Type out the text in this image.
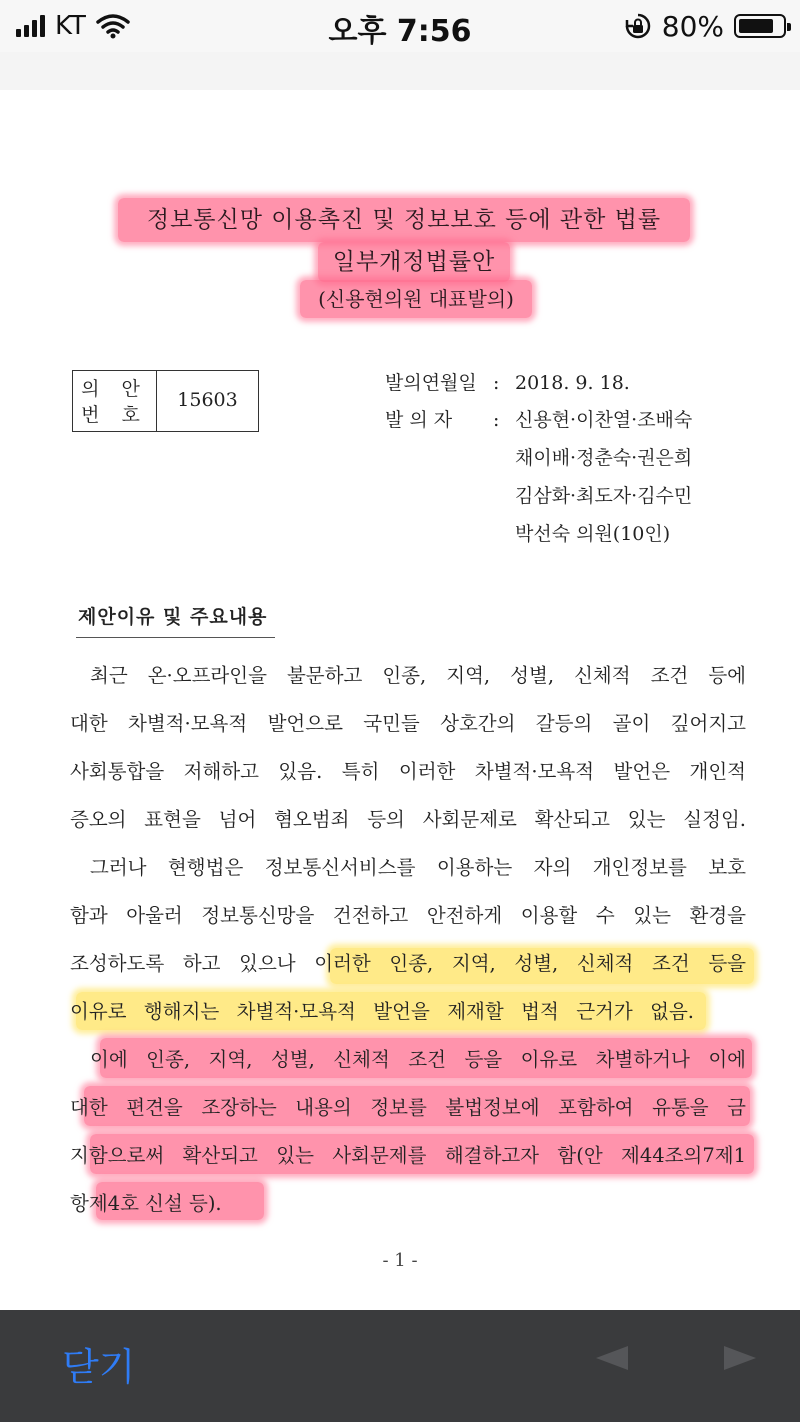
KT	오후 7:56	80%
정보통신망 이용촉진 및 정보보호 등에 관한 법률
일부개정법률안
(신용현의원 대표발의)
의 안
번 호
15603
발의연월일 : 2018. 9. 18.
발 의 자 : 신용현·이찬열·조배숙
채이배·정춘숙·권은희
김삼화·최도자·김수민
박선숙 의원(10인)
제안이유 및 주요내용
최근 온·오프라인을 불문하고 인종, 지역, 성별, 신체적 조건 등에
대한 차별적·모욕적 발언으로 국민들 상호간의 갈등의 골이 깊어지고
사회통합을 저해하고 있음. 특히 이러한 차별적·모욕적 발언은 개인적
증오의 표현을 넘어 혐오범죄 등의 사회문제로 확산되고 있는 실정임.
그러나 현행법은 정보통신서비스를 이용하는 자의 개인정보를 보호
함과 아울러 정보통신망을 건전하고 안전하게 이용할 수 있는 환경을
조성하도록 하고 있으나 이러한 인종, 지역, 성별, 신체적 조건 등을
이유로 행해지는 차별적·모욕적 발언을 제재할 법적 근거가 없음.
이에 인종, 지역, 성별, 신체적 조건 등을 이유로 차별하거나 이에
대한 편견을 조장하는 내용의 정보를 불법정보에 포함하여 유통을 금
지함으로써 확산되고 있는 사회문제를 해결하고자 함(안 제44조의7제1
항제4호 신설 등).
- 1 -
닫기
